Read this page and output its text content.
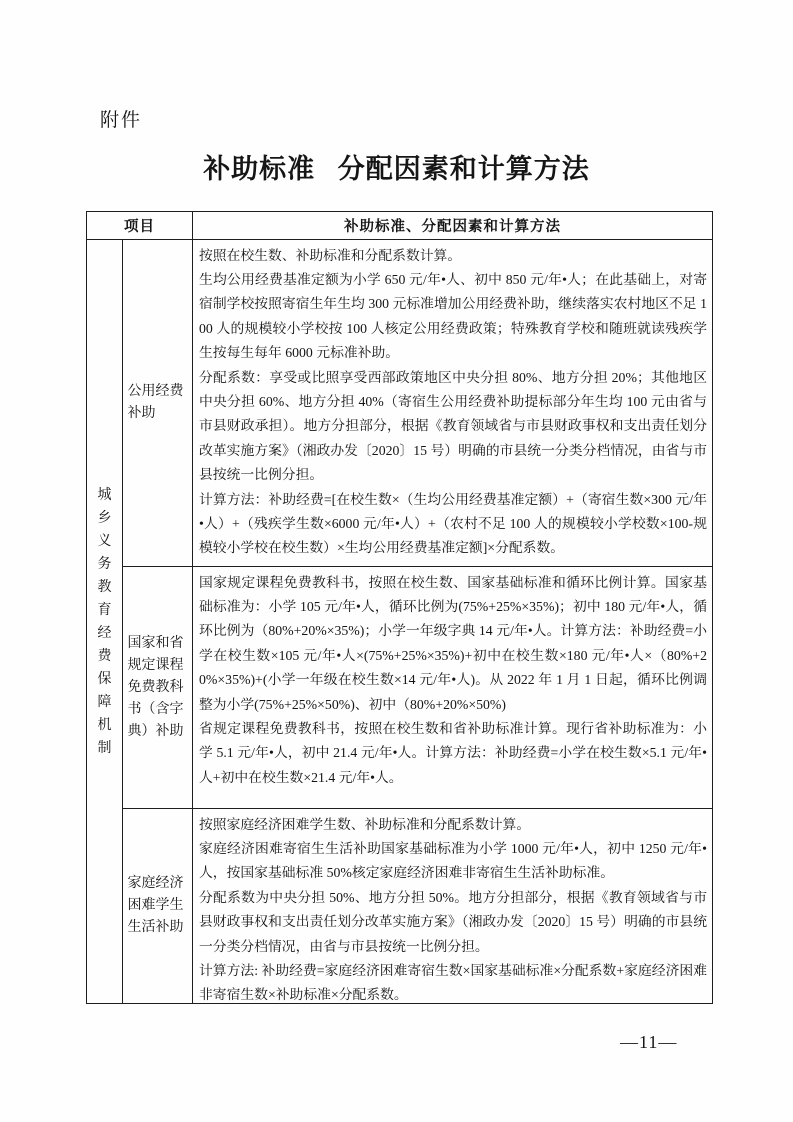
附件
补助标准 分配因素和计算方法
项目		补助标准、分配因素和计算方法

城乡义务教育经费保障机制	公用经费补助	按照在校生数、补助标准和分配系数计算。

生均公用经费基准定额为小学 650 元/年•人、初中 850 元/年•人；在此基础上，对寄宿制学校按照寄宿生年生均 300 元标准增加公用经费补助，继续落实农村地区不足 100 人的规模较小学校按 100 人核定公用经费政策；特殊教育学校和随班就读残疾学生按每生每年 6000 元标准补助。

分配系数：享受或比照享受西部政策地区中央分担 80%、地方分担 20%；其他地区中央分担 60%、地方分担 40%（寄宿生公用经费补助提标部分年生均 100 元由省与市县财政承担）。地方分担部分，根据《教育领域省与市县财政事权和支出责任划分改革实施方案》（湘政办发〔2020〕15 号）明确的市县统一分类分档情况，由省与市县按统一比例分担。

计算方法：补助经费=[在校生数×（生均公用经费基准定额）+（寄宿生数×300 元/年•人）+（残疾学生数×6000 元/年•人）+（农村不足 100 人的规模较小学校数×100-规模较小学校在校生数）×生均公用经费基准定额]×分配系数。

	国家和省规定课程免费教科书（含字典）补助	国家规定课程免费教科书，按照在校生数、国家基础标准和循环比例计算。国家基础标准为：小学 105 元/年•人，循环比例为(75%+25%×35%)；初中 180 元/年•人，循环比例为（80%+20%×35%)；小学一年级字典 14 元/年•人。计算方法：补助经费=小学在校生数×105 元/年•人×(75%+25%×35%)+初中在校生数×180 元/年•人×（80%+20%×35%)+(小学一年级在校生数×14 元/年•人)。从 2022 年 1 月 1 日起，循环比例调整为小学(75%+25%×50%)、初中（80%+20%×50%)

省规定课程免费教科书，按照在校生数和省补助标准计算。现行省补助标准为：小学 5.1 元/年•人，初中 21.4 元/年•人。计算方法：补助经费=小学在校生数×5.1 元/年•人+初中在校生数×21.4 元/年•人。

	家庭经济困难学生生活补助	按照家庭经济困难学生数、补助标准和分配系数计算。

家庭经济困难寄宿生生活补助国家基础标准为小学 1000 元/年•人，初中 1250 元/年•人，按国家基础标准 50%核定家庭经济困难非寄宿生生活补助标准。

分配系数为中央分担 50%、地方分担 50%。地方分担部分，根据《教育领域省与市县财政事权和支出责任划分改革实施方案》（湘政办发〔2020〕15 号）明确的市县统一分类分档情况，由省与市县按统一比例分担。

计算方法: 补助经费=家庭经济困难寄宿生数×国家基础标准×分配系数+家庭经济困难非寄宿生数×补助标准×分配系数。

—11—
